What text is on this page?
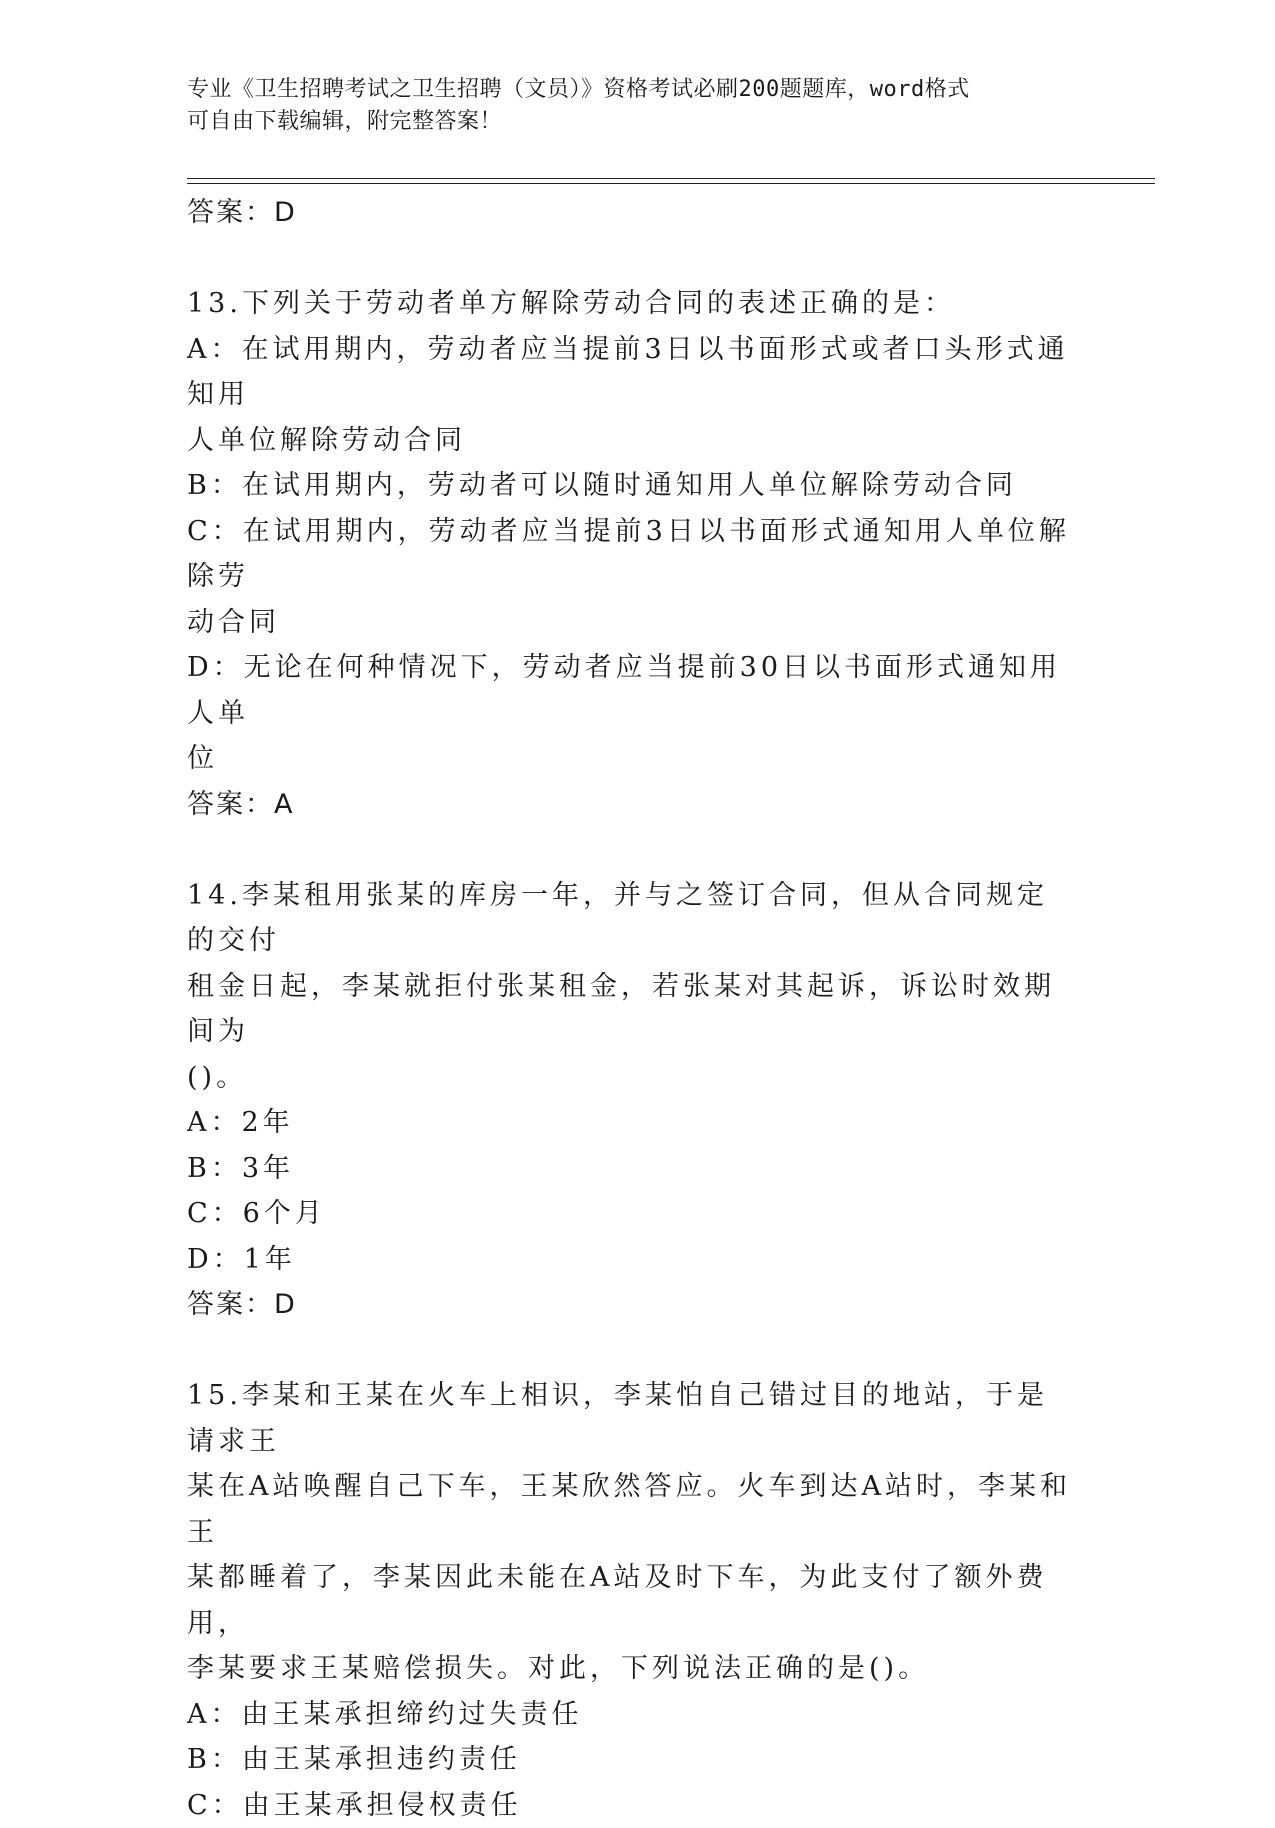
专业《卫生招聘考试之卫生招聘（文员）》资格考试必刷200题题库，word格式
可自由下载编辑，附完整答案！
答案：D
13.下列关于劳动者单方解除劳动合同的表述正确的是：
A：在试用期内，劳动者应当提前3日以书面形式或者口头形式通知用
人单位解除劳动合同
B：在试用期内，劳动者可以随时通知用人单位解除劳动合同
C：在试用期内，劳动者应当提前3日以书面形式通知用人单位解除劳
动合同
D：无论在何种情况下，劳动者应当提前30日以书面形式通知用人单
位
答案：A
14.李某租用张某的库房一年，并与之签订合同，但从合同规定的交付
租金日起，李某就拒付张某租金，若张某对其起诉，诉讼时效期间为
()。
A：2年
B：3年
C：6个月
D：1年
答案：D
15.李某和王某在火车上相识，李某怕自己错过目的地站，于是请求王
某在A站唤醒自己下车，王某欣然答应。火车到达A站时，李某和王
某都睡着了，李某因此未能在A站及时下车，为此支付了额外费用，
李某要求王某赔偿损失。对此，下列说法正确的是()。
A：由王某承担缔约过失责任
B：由王某承担违约责任
C：由王某承担侵权责任
